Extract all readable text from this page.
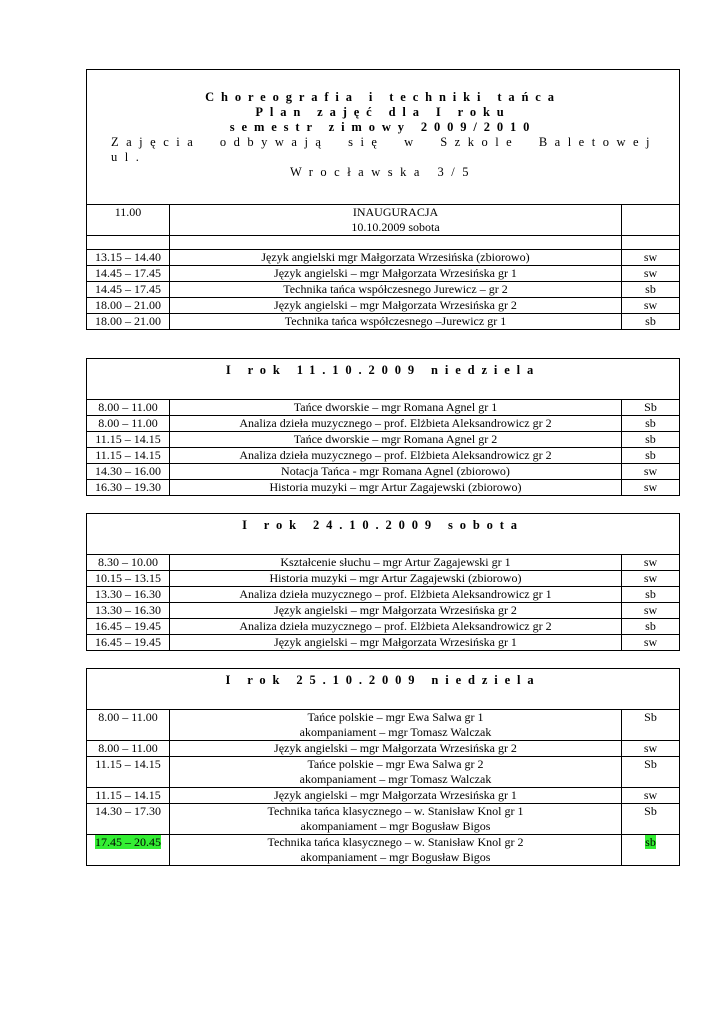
Choreografia i techniki tańca
Plan zajęć dla I roku
semestr zimowy 2009/2010
Zajęcia odbywają się w Szkole Baletowej ul.
Wrocławska 3/5		

11.00	INAUGURACJA
10.10.2009 sobota	

13.15 – 14.40	Język angielski mgr Małgorzata Wrzesińska (zbiorowo)	sw
14.45 – 17.45	Język angielski – mgr Małgorzata Wrzesińska gr 1	sw
14.45 – 17.45	Technika tańca współczesnego Jurewicz – gr 2	sb
18.00 – 21.00	Język angielski – mgr Małgorzata Wrzesińska gr 2	sw
18.00 – 21.00	Technika tańca współczesnego –Jurewicz gr 1	sb
I rok 11.10.2009 niedziela		
8.00 – 11.00	Tańce dworskie – mgr Romana Agnel gr 1	Sb
8.00 – 11.00	Analiza dzieła muzycznego – prof. Elżbieta Aleksandrowicz gr 2	sb
11.15 – 14.15	Tańce dworskie – mgr Romana Agnel gr 2	sb
11.15 – 14.15	Analiza dzieła muzycznego – prof. Elżbieta Aleksandrowicz gr 2	sb
14.30 – 16.00	Notacja Tańca - mgr Romana Agnel (zbiorowo)	sw
16.30 – 19.30	Historia muzyki – mgr Artur Zagajewski (zbiorowo)	sw
I rok 24.10.2009 sobota		
8.30 – 10.00	Kształcenie słuchu – mgr Artur Zagajewski gr 1	sw
10.15 – 13.15	Historia muzyki – mgr Artur Zagajewski (zbiorowo)	sw
13.30 – 16.30	Analiza dzieła muzycznego – prof. Elżbieta Aleksandrowicz gr 1	sb
13.30 – 16.30	Język angielski – mgr Małgorzata Wrzesińska gr 2	sw
16.45 – 19.45	Analiza dzieła muzycznego – prof. Elżbieta Aleksandrowicz gr 2	sb
16.45 – 19.45	Język angielski – mgr Małgorzata Wrzesińska gr 1	sw
I rok 25.10.2009 niedziela		
8.00 – 11.00	Tańce polskie – mgr Ewa Salwa gr 1
akompaniament – mgr Tomasz Walczak	Sb
8.00 – 11.00	Język angielski – mgr Małgorzata Wrzesińska gr 2	sw
11.15 – 14.15	Tańce polskie – mgr Ewa Salwa gr 2
akompaniament – mgr Tomasz Walczak	Sb
11.15 – 14.15	Język angielski – mgr Małgorzata Wrzesińska gr 1	sw
14.30 – 17.30	Technika tańca klasycznego – w. Stanisław Knol gr 1
akompaniament – mgr Bogusław Bigos	Sb
17.45 – 20.45	Technika tańca klasycznego – w. Stanisław Knol gr 2
akompaniament – mgr Bogusław Bigos	sb
